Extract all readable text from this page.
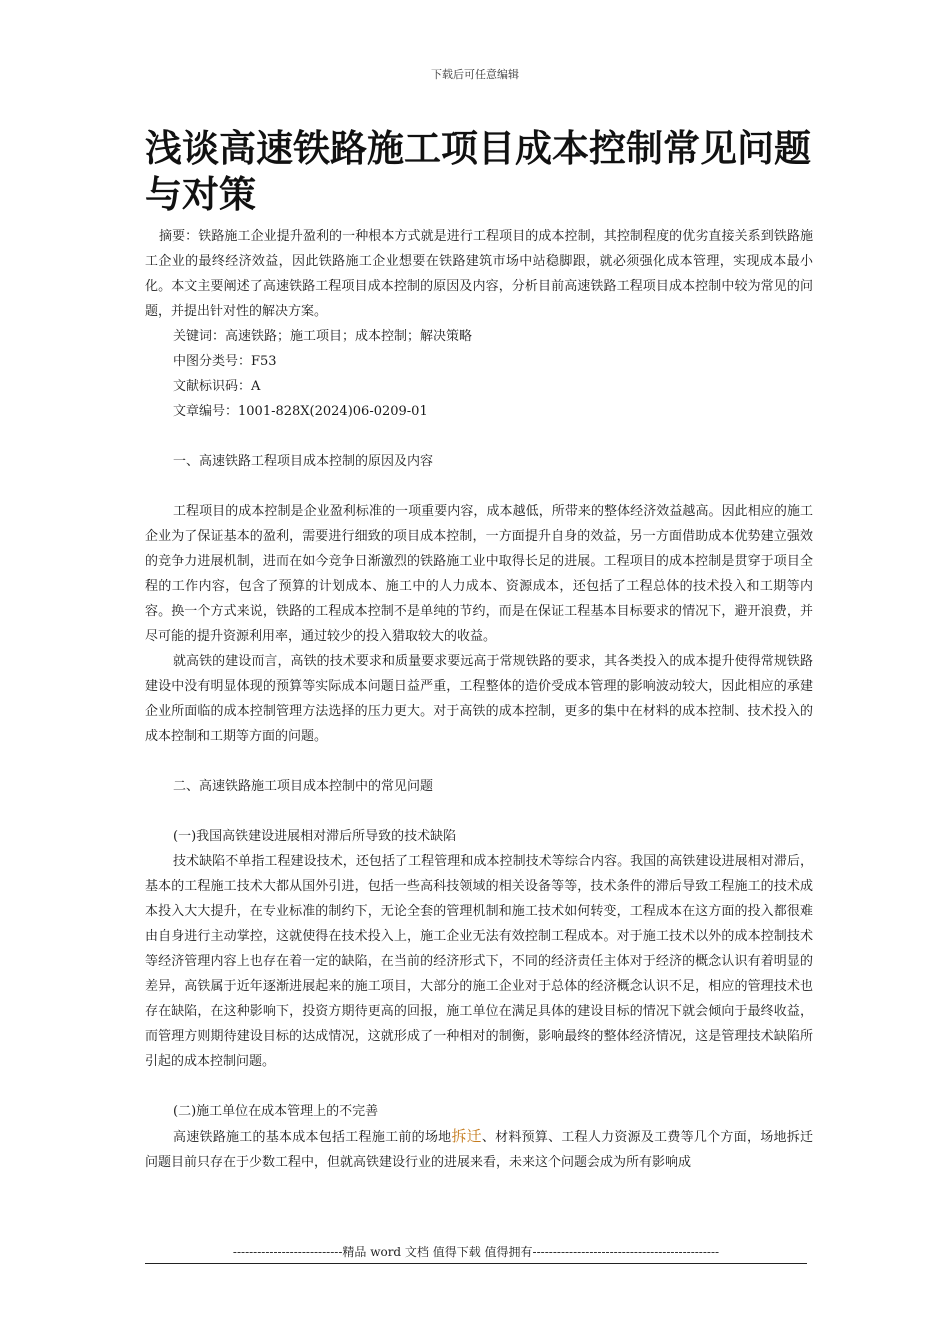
下载后可任意编辑
浅谈高速铁路施工项目成本控制常见问题与对策

摘要：铁路施工企业提升盈利的一种根本方式就是进行工程项目的成本控制，其控制程度的优劣直接关系到铁路施工企业的最终经济效益，因此铁路施工企业想要在铁路建筑市场中站稳脚跟，就必须强化成本管理，实现成本最小化。本文主要阐述了高速铁路工程项目成本控制的原因及内容，分析目前高速铁路工程项目成本控制中较为常见的问题，并提出针对性的解决方案。

关键词：高速铁路；施工项目；成本控制；解决策略

中图分类号：F53

文献标识码：A

文章编号：1001-828X(2024)06-0209-01

一、高速铁路工程项目成本控制的原因及内容

工程项目的成本控制是企业盈利标准的一项重要内容，成本越低，所带来的整体经济效益越高。因此相应的施工企业为了保证基本的盈利，需要进行细致的项目成本控制，一方面提升自身的效益，另一方面借助成本优势建立强效的竞争力进展机制，进而在如今竞争日渐激烈的铁路施工业中取得长足的进展。工程项目的成本控制是贯穿于项目全程的工作内容，包含了预算的计划成本、施工中的人力成本、资源成本，还包括了工程总体的技术投入和工期等内容。换一个方式来说，铁路的工程成本控制不是单纯的节约，而是在保证工程基本目标要求的情况下，避开浪费，并尽可能的提升资源利用率，通过较少的投入猎取较大的收益。

就高铁的建设而言，高铁的技术要求和质量要求要远高于常规铁路的要求，其各类投入的成本提升使得常规铁路建设中没有明显体现的预算等实际成本问题日益严重，工程整体的造价受成本管理的影响波动较大，因此相应的承建企业所面临的成本控制管理方法选择的压力更大。对于高铁的成本控制，更多的集中在材料的成本控制、技术投入的成本控制和工期等方面的问题。

二、高速铁路施工项目成本控制中的常见问题

(一)我国高铁建设进展相对滞后所导致的技术缺陷

技术缺陷不单指工程建设技术，还包括了工程管理和成本控制技术等综合内容。我国的高铁建设进展相对滞后，基本的工程施工技术大都从国外引进，包括一些高科技领域的相关设备等等，技术条件的滞后导致工程施工的技术成本投入大大提升，在专业标准的制约下，无论全套的管理机制和施工技术如何转变，工程成本在这方面的投入都很难由自身进行主动掌控，这就使得在技术投入上，施工企业无法有效控制工程成本。对于施工技术以外的成本控制技术等经济管理内容上也存在着一定的缺陷，在当前的经济形式下，不同的经济责任主体对于经济的概念认识有着明显的差异，高铁属于近年逐渐进展起来的施工项目，大部分的施工企业对于总体的经济概念认识不足，相应的管理技术也存在缺陷，在这种影响下，投资方期待更高的回报，施工单位在满足具体的建设目标的情况下就会倾向于最终收益，而管理方则期待建设目标的达成情况，这就形成了一种相对的制衡，影响最终的整体经济情况，这是管理技术缺陷所引起的成本控制问题。

(二)施工单位在成本管理上的不完善

高速铁路施工的基本成本包括工程施工前的场地拆迁、材料预算、工程人力资源及工费等几个方面，场地拆迁问题目前只存在于少数工程中，但就高铁建设行业的进展来看，未来这个问题会成为所有影响成

---------------------------精品 word 文档 值得下载 值得拥有----------------------------------------------
